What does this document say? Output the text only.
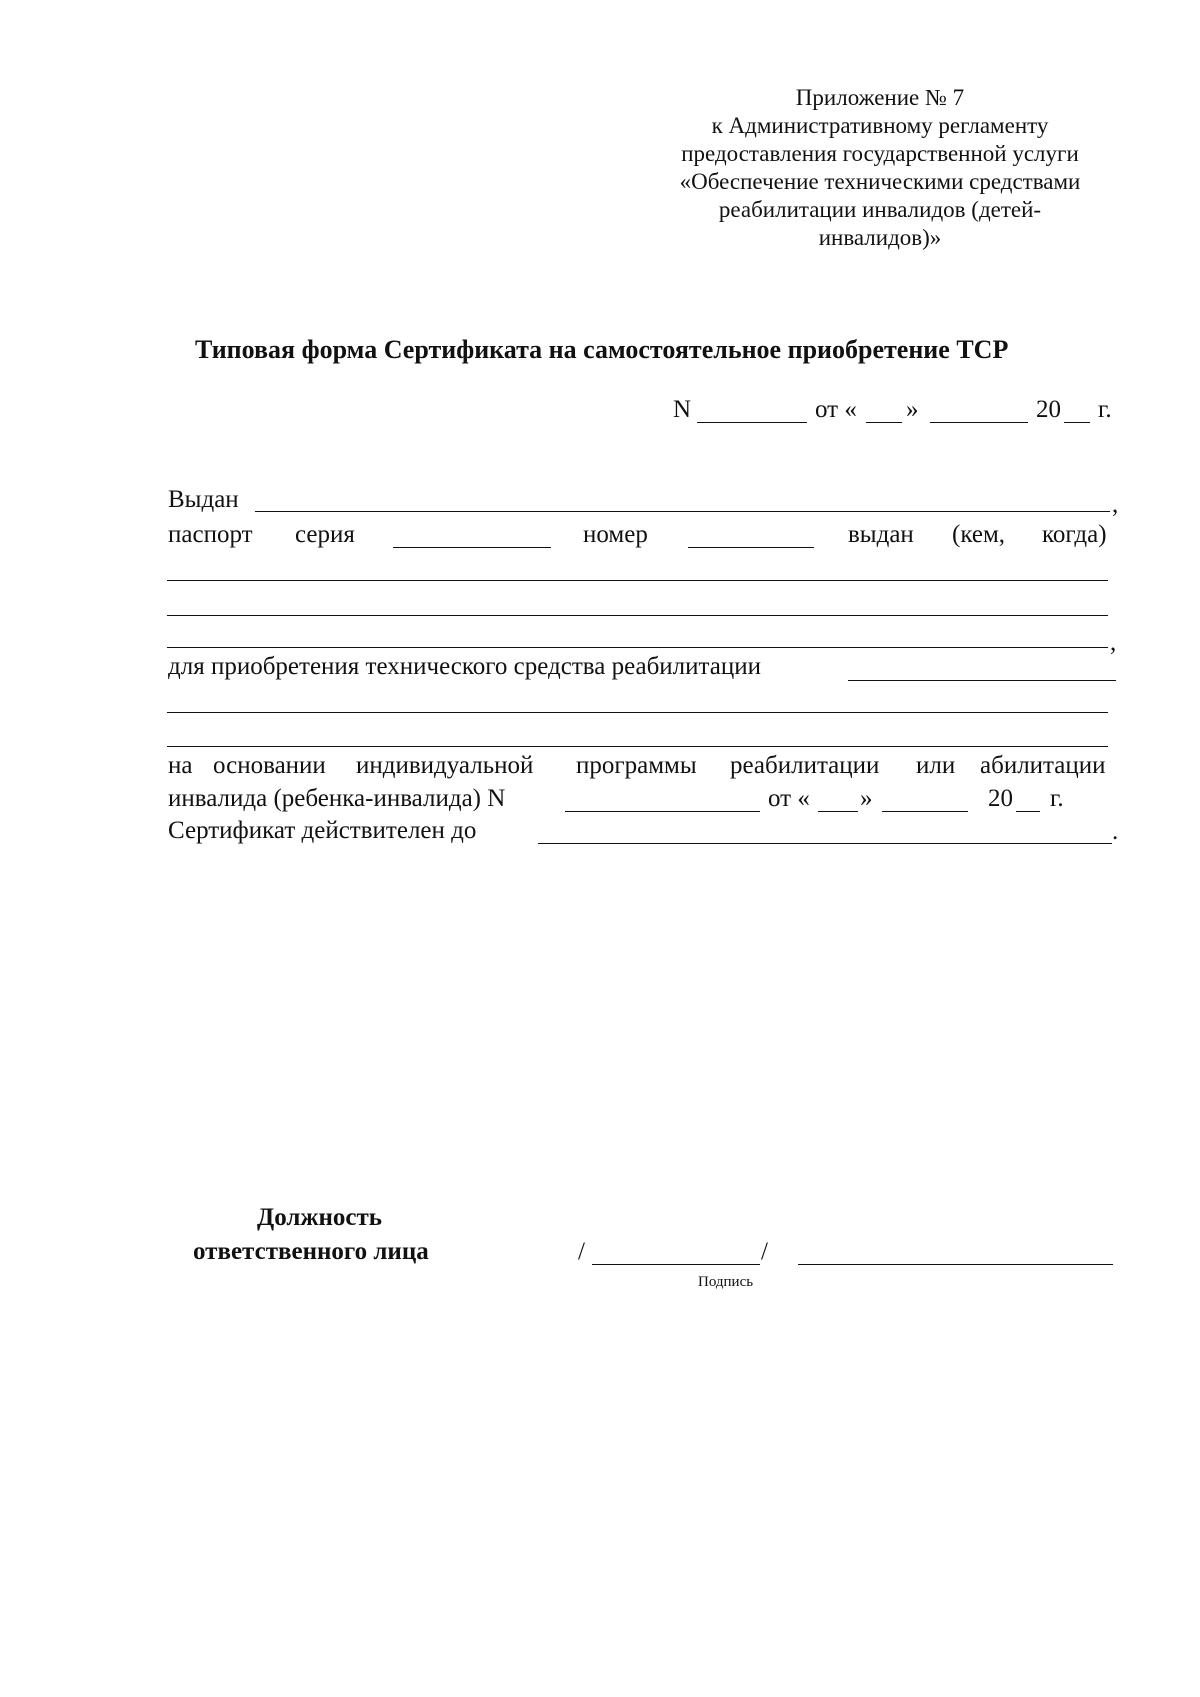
Приложение № 7
к Административному регламенту
предоставления государственной услуги
«Обеспечение техническими средствами
реабилитации инвалидов (детей-
инвалидов)»
Типовая форма Сертификата на самостоятельное приобретение ТСР
N	от « »	20 г.
Выдан	,
паспорт серия	номер	выдан (кем, когда)
,
для приобретения технического средства реабилитации
на основании индивидуальной программы реабилитации или абилитации
инвалида (ребенка-инвалида) N	от « »	20 г.
Сертификат действителен до	.
Должность
ответственного лица	/	/
Подпись
